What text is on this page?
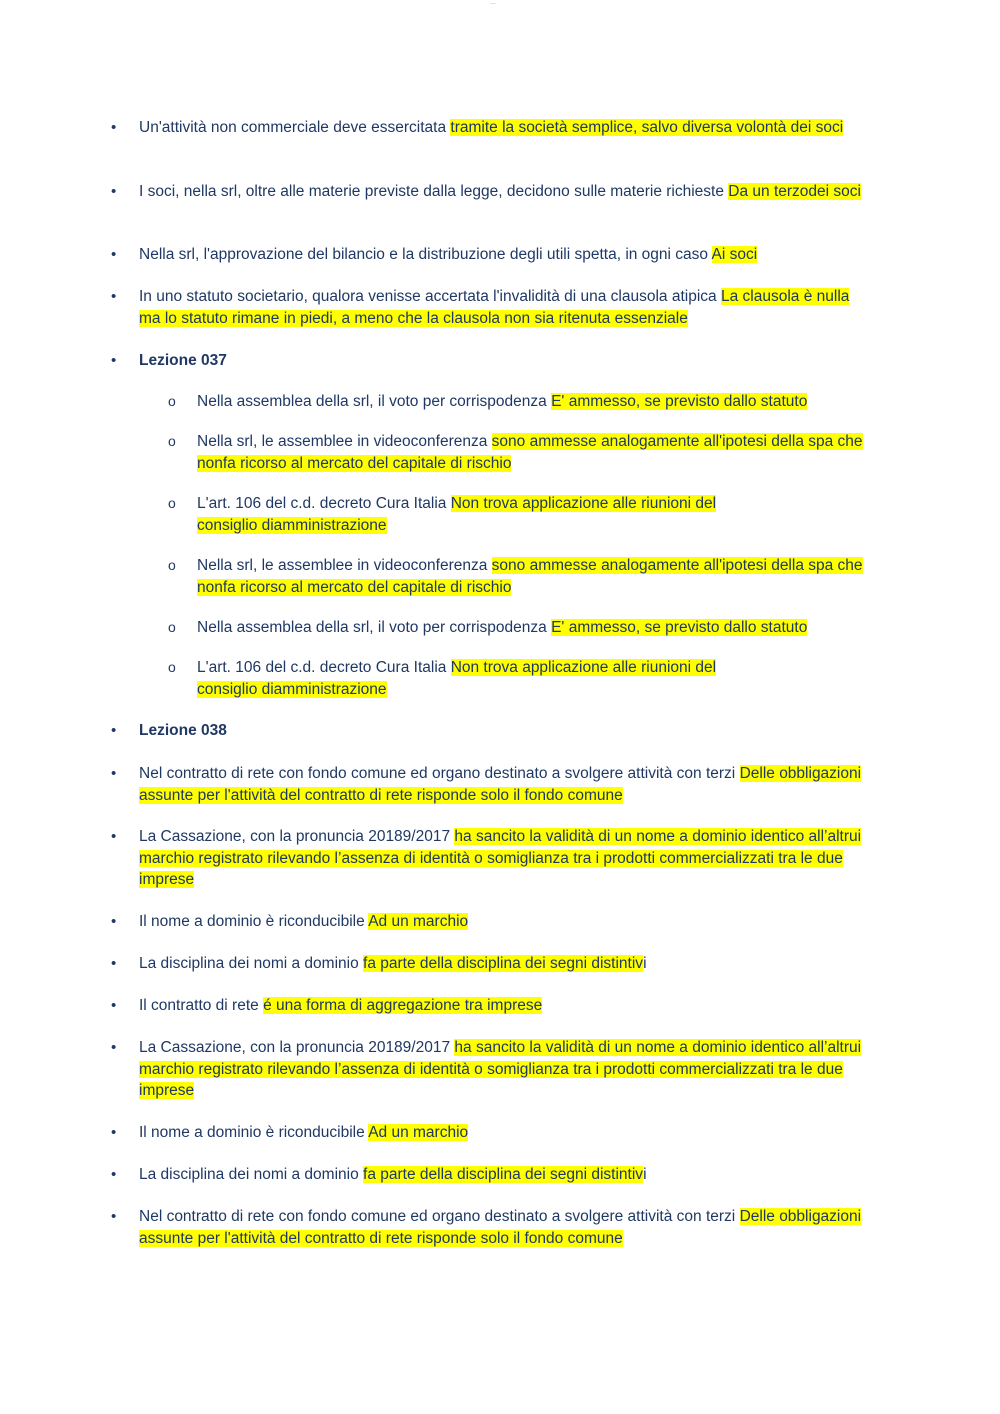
…
• Un'attività non commerciale deve essercitata tramite la società semplice, salvo diversa volontà dei soci
• I soci, nella srl, oltre alle materie previste dalla legge, decidono sulle materie richieste Da un terzodei soci
• Nella srl, l'approvazione del bilancio e la distribuzione degli utili spetta, in ogni caso Ai soci
• In uno statuto societario, qualora venisse accertata l'invalidità di una clausola atipica La clausola è nulla ma lo statuto rimane in piedi, a meno che la clausola non sia ritenuta essenziale
• Lezione 037
o Nella assemblea della srl, il voto per corrispodenza E' ammesso, se previsto dallo statuto
o Nella srl, le assemblee in videoconferenza sono ammesse analogamente all'ipotesi della spa che nonfa ricorso al mercato del capitale di rischio
o L'art. 106 del c.d. decreto Cura Italia Non trova applicazione alle riunioni del consiglio diamministrazione
o Nella srl, le assemblee in videoconferenza sono ammesse analogamente all'ipotesi della spa che nonfa ricorso al mercato del capitale di rischio
o Nella assemblea della srl, il voto per corrispodenza E' ammesso, se previsto dallo statuto
o L'art. 106 del c.d. decreto Cura Italia Non trova applicazione alle riunioni del consiglio diamministrazione
• Lezione 038
• Nel contratto di rete con fondo comune ed organo destinato a svolgere attività con terzi Delle obbligazioni assunte per l'attività del contratto di rete risponde solo il fondo comune
• La Cassazione, con la pronuncia 20189/2017 ha sancito la validità di un nome a dominio identico all’altrui marchio registrato rilevando l’assenza di identità o somiglianza tra i prodotti commercializzati tra le due imprese
• Il nome a dominio è riconducibile Ad un marchio
• La disciplina dei nomi a dominio fa parte della disciplina dei segni distintivi
• Il contratto di rete é una forma di aggregazione tra imprese
• La Cassazione, con la pronuncia 20189/2017 ha sancito la validità di un nome a dominio identico all’altrui marchio registrato rilevando l’assenza di identità o somiglianza tra i prodotti commercializzati tra le due imprese
• Il nome a dominio è riconducibile Ad un marchio
• La disciplina dei nomi a dominio fa parte della disciplina dei segni distintivi
• Nel contratto di rete con fondo comune ed organo destinato a svolgere attività con terzi Delle obbligazioni assunte per l'attività del contratto di rete risponde solo il fondo comune
